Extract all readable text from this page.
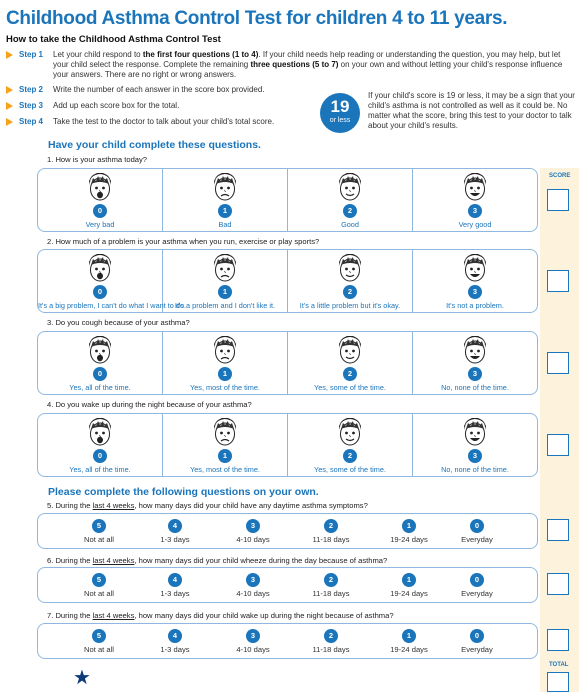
Childhood Asthma Control Test for children 4 to 11 years.
How to take the Childhood Asthma Control Test
Step 1	Let your child respond to the first four questions (1 to 4). If your child needs help reading or understanding the question, you may help, but let your child select the response. Complete the remaining three questions (5 to 7) on your own and without letting your child's response influence your answers. There are no right or wrong answers.
Step 2	Write the number of each answer in the score box provided.
Step 3	Add up each score box for the total.
Step 4	Take the test to the doctor to talk about your child's total score.
19
or less
If your child's score is 19 or less, it may be a sign that your child's asthma is not controlled as well as it could be. No matter what the score, bring this test to your doctor to talk about your child's results.
SCORE
TOTAL
Have your child complete these questions.
1. How is your asthma today?
0
Very bad
1
Bad
2
Good
3
Very good
2. How much of a problem is your asthma when you run, exercise or play sports?
0
It's a big problem, I can't do what I want to do.
1
It's a problem and I don't like it.
2
It's a little problem but it's okay.
3
It's not a problem.
3. Do you cough because of your asthma?
0
Yes, all of the time.
1
Yes, most of the time.
2
Yes, some of the time.
3
No, none of the time.
4. Do you wake up during the night because of your asthma?
0
Yes, all of the time.
1
Yes, most of the time.
2
Yes, some of the time.
3
No, none of the time.
Please complete the following questions on your own.
5. During the last 4 weeks, how many days did your child have any daytime asthma symptoms?
5
Not at all
4
1-3 days
3
4-10 days
2
11-18 days
1
19-24 days
0
Everyday
6. During the last 4 weeks, how many days did your child wheeze during the day because of asthma?
5
Not at all
4
1-3 days
3
4-10 days
2
11-18 days
1
19-24 days
0
Everyday
7. During the last 4 weeks, how many days did your child wake up during the night because of asthma?
5
Not at all
4
1-3 days
3
4-10 days
2
11-18 days
1
19-24 days
0
Everyday
★
